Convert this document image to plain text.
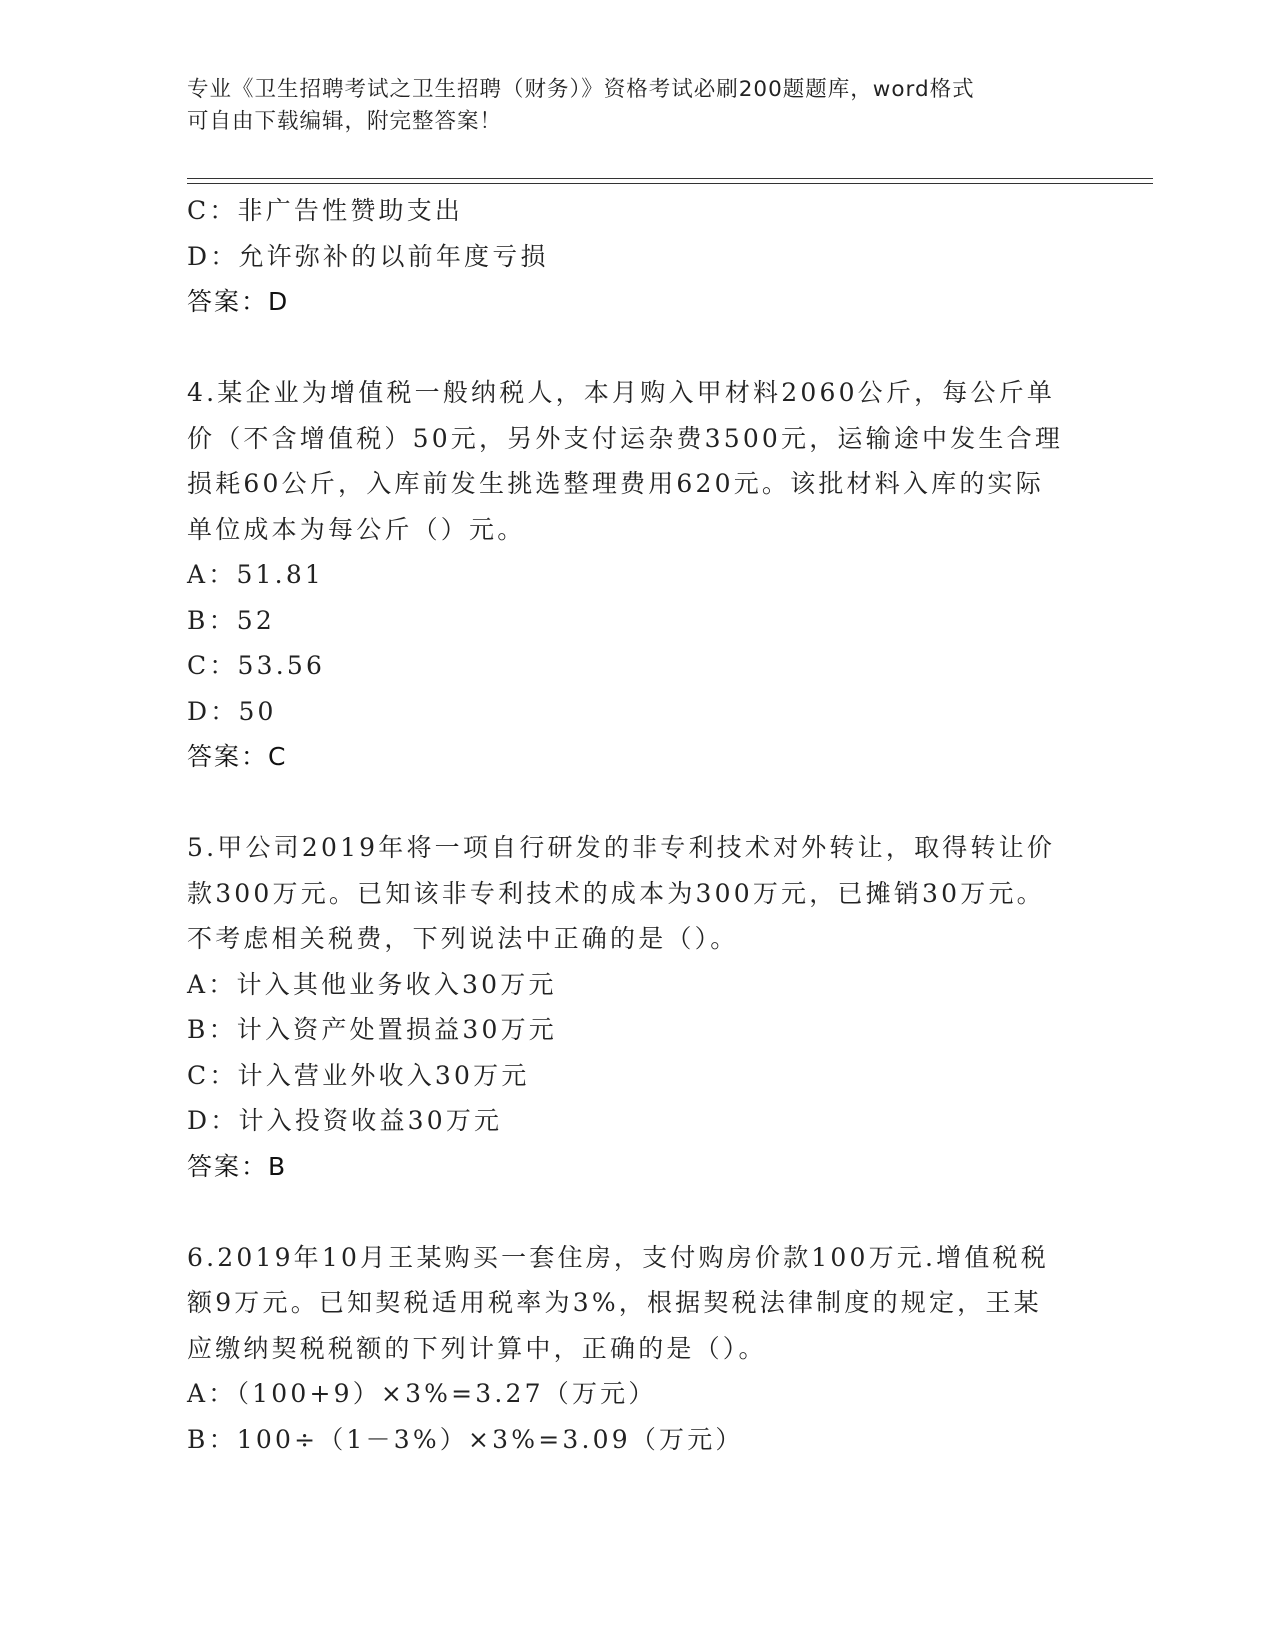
专业《卫生招聘考试之卫生招聘（财务）》资格考试必刷200题题库，word格式
可自由下载编辑，附完整答案！
C：非广告性赞助支出
D：允许弥补的以前年度亏损
答案：D
4.某企业为增值税一般纳税人，本月购入甲材料2060公斤，每公斤单
价（不含增值税）50元，另外支付运杂费3500元，运输途中发生合理
损耗60公斤，入库前发生挑选整理费用620元。该批材料入库的实际
单位成本为每公斤（）元。
A：51.81
B：52
C：53.56
D：50
答案：C
5.甲公司2019年将一项自行研发的非专利技术对外转让，取得转让价
款300万元。已知该非专利技术的成本为300万元，已摊销30万元。
不考虑相关税费，下列说法中正确的是（）。
A：计入其他业务收入30万元
B：计入资产处置损益30万元
C：计入营业外收入30万元
D：计入投资收益30万元
答案：B
6.2019年10月王某购买一套住房，支付购房价款100万元.增值税税
额9万元。已知契税适用税率为3%，根据契税法律制度的规定，王某
应缴纳契税税额的下列计算中，正确的是（）。
A：（100+9）×3%=3.27（万元）
B：100÷（1－3%）×3%=3.09（万元）
